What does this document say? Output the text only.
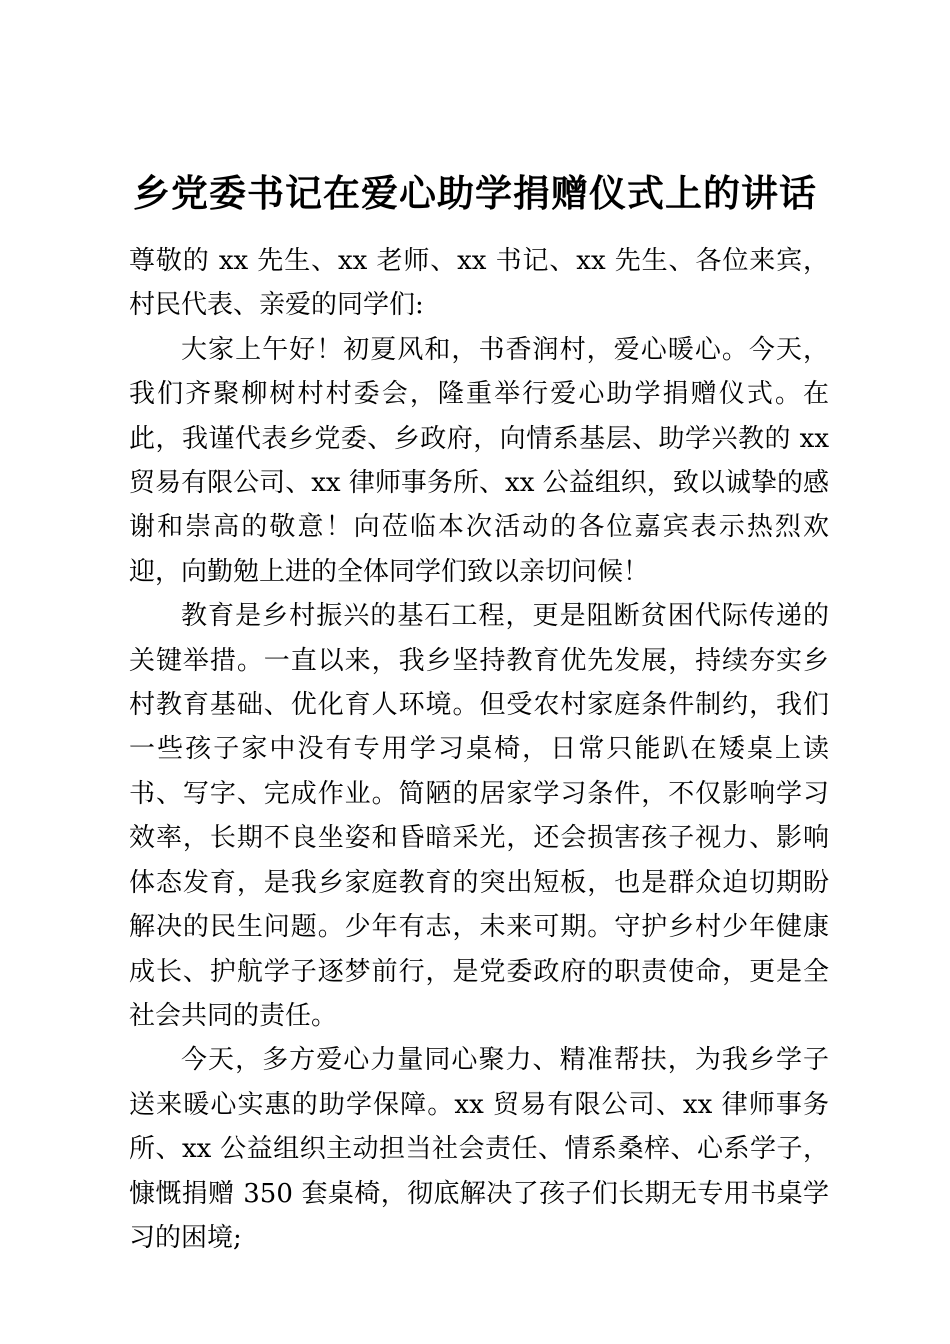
乡党委书记在爱心助学捐赠仪式上的讲话

尊敬的 xx 先生、xx 老师、xx 书记、xx 先生、各位来宾，村民代表、亲爱的同学们:

大家上午好！初夏风和，书香润村，爱心暖心。今天，我们齐聚柳树村村委会，隆重举行爱心助学捐赠仪式。在此，我谨代表乡党委、乡政府，向情系基层、助学兴教的 xx 贸易有限公司、xx 律师事务所、xx 公益组织，致以诚挚的感谢和崇高的敬意！向莅临本次活动的各位嘉宾表示热烈欢迎，向勤勉上进的全体同学们致以亲切问候！

教育是乡村振兴的基石工程，更是阻断贫困代际传递的关键举措。一直以来，我乡坚持教育优先发展，持续夯实乡村教育基础、优化育人环境。但受农村家庭条件制约，我们一些孩子家中没有专用学习桌椅，日常只能趴在矮桌上读书、写字、完成作业。简陋的居家学习条件，不仅影响学习效率，长期不良坐姿和昏暗采光，还会损害孩子视力、影响体态发育，是我乡家庭教育的突出短板，也是群众迫切期盼解决的民生问题。少年有志，未来可期。守护乡村少年健康成长、护航学子逐梦前行，是党委政府的职责使命，更是全社会共同的责任。

今天，多方爱心力量同心聚力、精准帮扶，为我乡学子送来暖心实惠的助学保障。xx 贸易有限公司、xx 律师事务所、xx 公益组织主动担当社会责任、情系桑梓、心系学子，慷慨捐赠 350 套桌椅，彻底解决了孩子们长期无专用书桌学习的困境;
